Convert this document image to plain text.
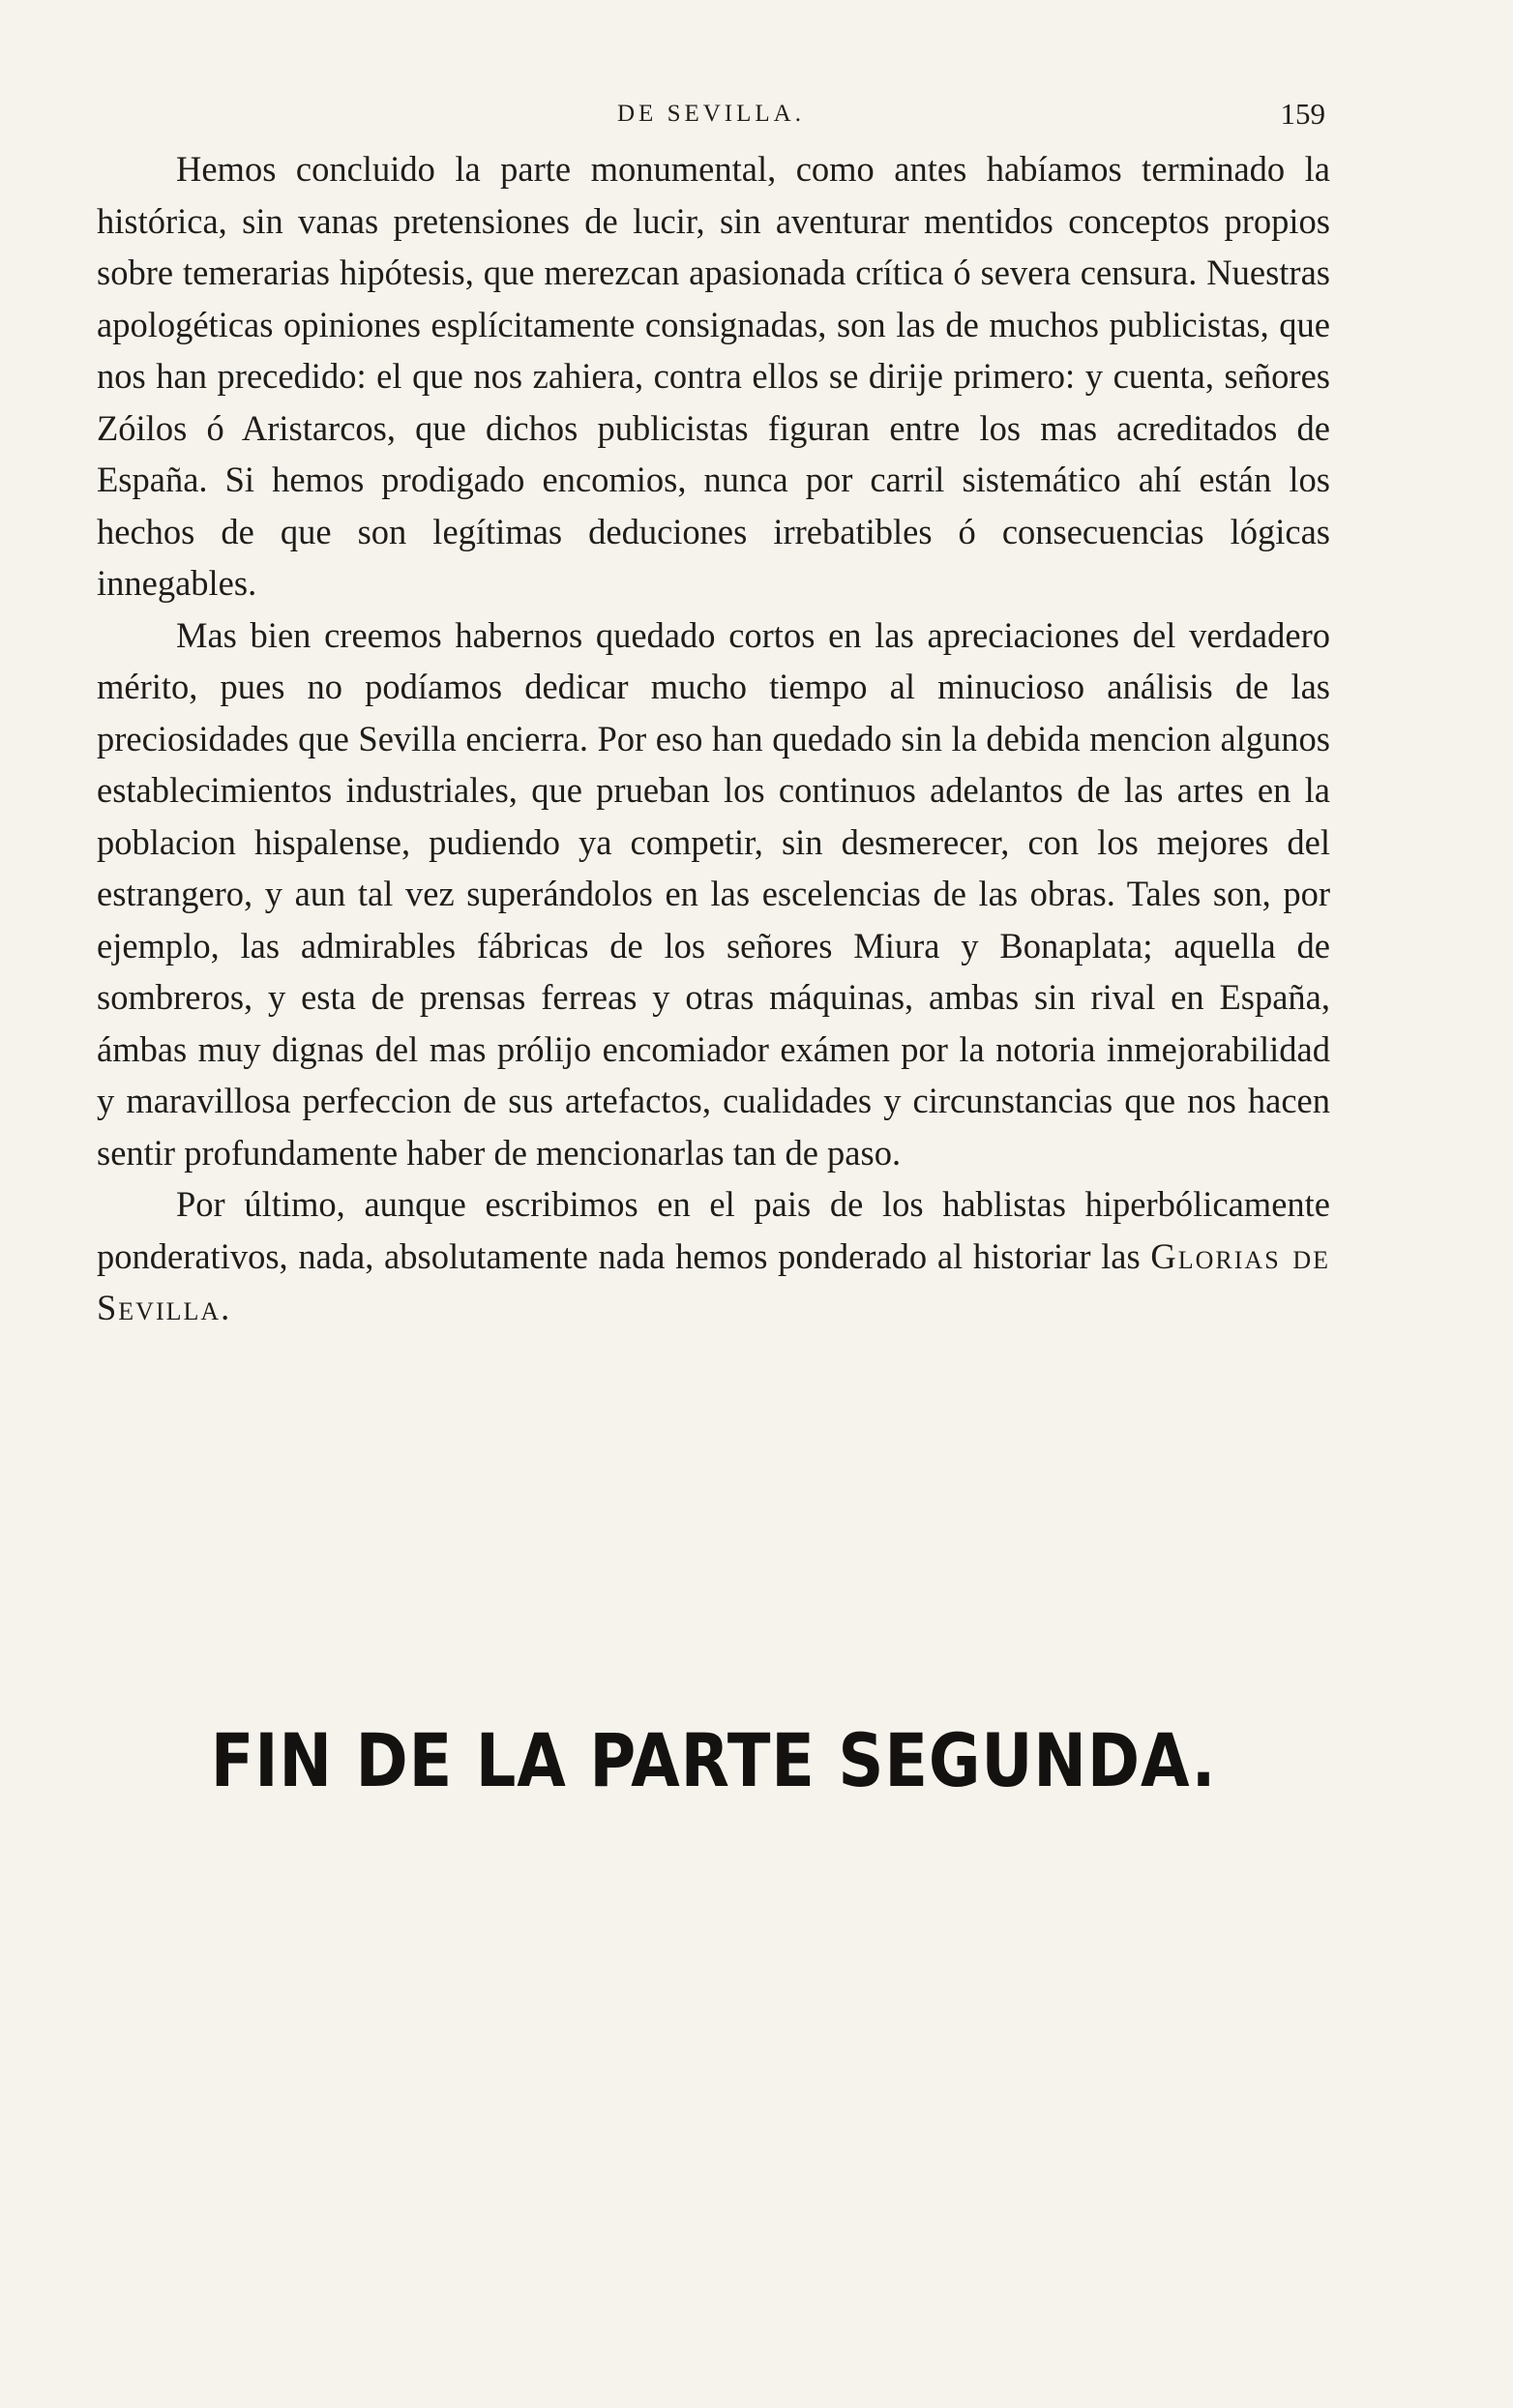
DE SEVILLA.	159

Hemos concluido la parte monumental, como antes habíamos terminado la histórica, sin vanas pretensiones de lucir, sin aventurar mentidos conceptos propios sobre temerarias hipótesis, que merezcan apasionada crítica ó severa censura. Nuestras apologéticas opiniones esplícitamente consignadas, son las de muchos publicistas, que nos han precedido: el que nos zahiera, contra ellos se dirije primero: y cuenta, señores Zóilos ó Aristarcos, que dichos publicistas figuran entre los mas acreditados de España. Si hemos prodigado encomios, nunca por carril sistemático ahí están los hechos de que son legítimas deduciones irrebatibles ó consecuencias lógicas innegables.

Mas bien creemos habernos quedado cortos en las apreciaciones del verdadero mérito, pues no podíamos dedicar mucho tiempo al minucioso análisis de las preciosidades que Sevilla encierra. Por eso han quedado sin la debida mencion algunos establecimientos industriales, que prueban los continuos adelantos de las artes en la poblacion hispalense, pudiendo ya competir, sin desmerecer, con los mejores del estrangero, y aun tal vez superándolos en las escelencias de las obras. Tales son, por ejemplo, las admirables fábricas de los señores Miura y Bonaplata; aquella de sombreros, y esta de prensas ferreas y otras máquinas, ambas sin rival en España, ámbas muy dignas del mas prólijo encomiador exámen por la notoria inmejorabilidad y maravillosa perfeccion de sus artefactos, cualidades y circunstancias que nos hacen sentir profundamente haber de mencionarlas tan de paso.

Por último, aunque escribimos en el pais de los hablistas hiperbólicamente ponderativos, nada, absolutamente nada hemos ponderado al historiar las Glorias de Sevilla.

FIN DE LA PARTE SEGUNDA.
